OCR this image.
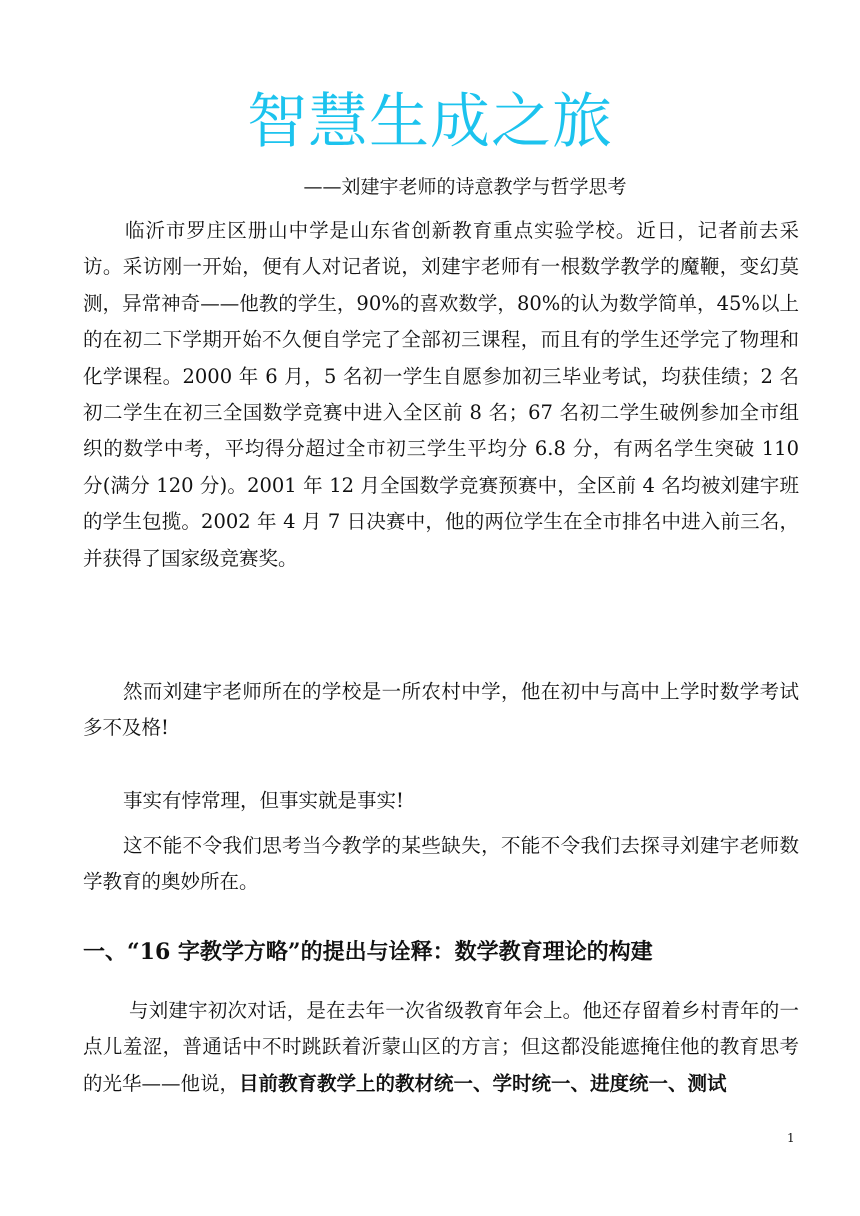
智慧生成之旅
——刘建宇老师的诗意教学与哲学思考

临沂市罗庄区册山中学是山东省创新教育重点实验学校。近日，记者前去采访。采访刚一开始，便有人对记者说，刘建宇老师有一根数学教学的魔鞭，变幻莫测，异常神奇——他教的学生，90%的喜欢数学，80%的认为数学简单，45%以上的在初二下学期开始不久便自学完了全部初三课程，而且有的学生还学完了物理和化学课程。2000 年 6 月，5 名初一学生自愿参加初三毕业考试，均获佳绩；2 名初二学生在初三全国数学竞赛中进入全区前 8 名；67 名初二学生破例参加全市组织的数学中考，平均得分超过全市初三学生平均分 6.8 分，有两名学生突破 110 分(满分 120 分)。2001 年 12 月全国数学竞赛预赛中，全区前 4 名均被刘建宇班的学生包揽。2002 年 4 月 7 日决赛中，他的两位学生在全市排名中进入前三名，并获得了国家级竞赛奖。

然而刘建宇老师所在的学校是一所农村中学，他在初中与高中上学时数学考试多不及格!

事实有悖常理，但事实就是事实!

这不能不令我们思考当今教学的某些缺失，不能不令我们去探寻刘建宇老师数学教育的奥妙所在。

一、“16 字教学方略”的提出与诠释：数学教育理论的构建

与刘建宇初次对话，是在去年一次省级教育年会上。他还存留着乡村青年的一点儿羞涩，普通话中不时跳跃着沂蒙山区的方言；但这都没能遮掩住他的教育思考的光华——他说，目前教育教学上的教材统一、学时统一、进度统一、测试

1
